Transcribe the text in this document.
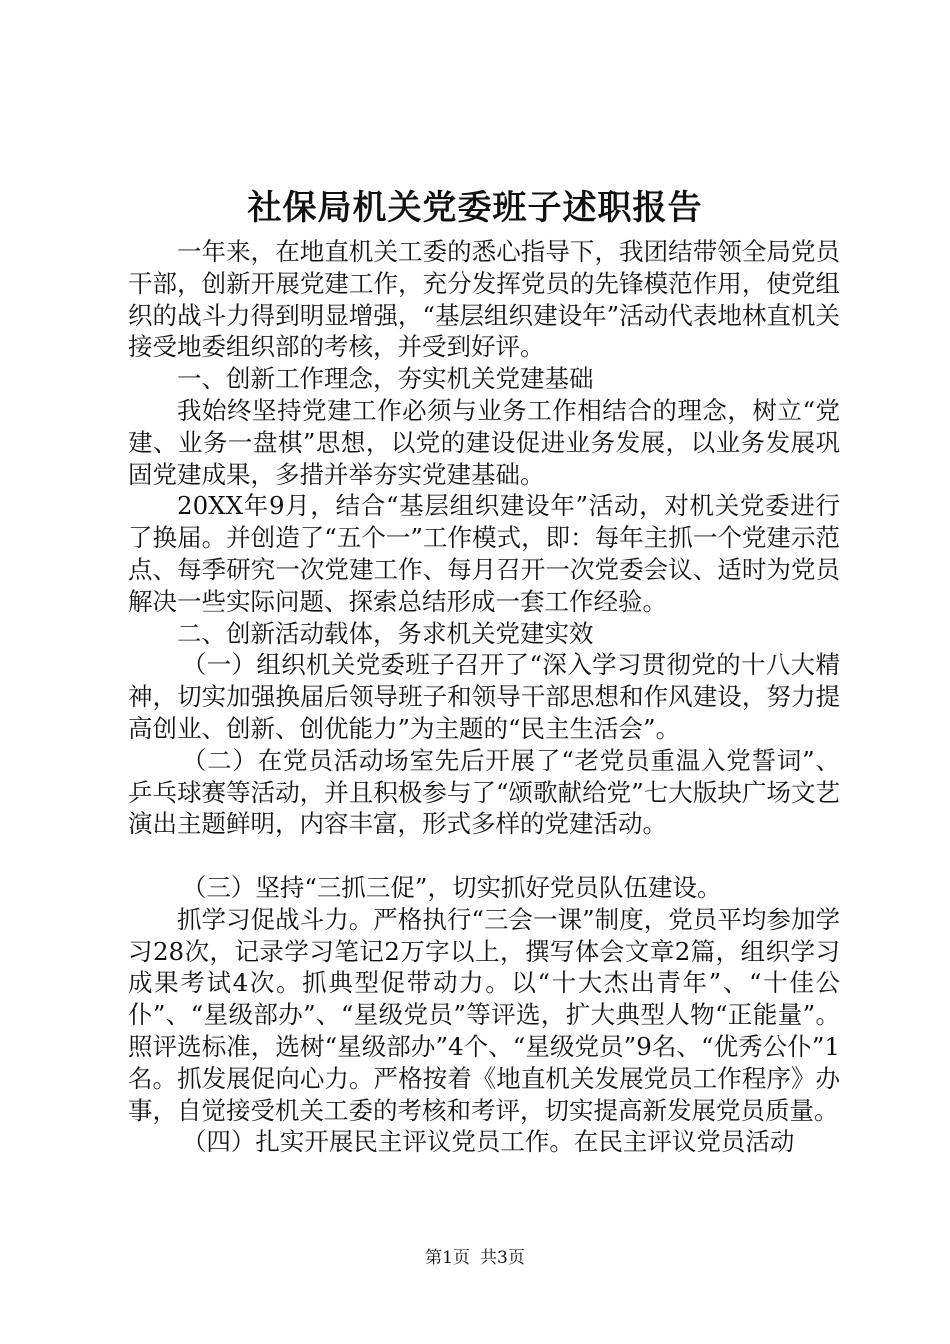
社保局机关党委班子述职报告

一年来，在地直机关工委的悉心指导下，我团结带领全局党员干部，创新开展党建工作，充分发挥党员的先锋模范作用，使党组织的战斗力得到明显增强，“基层组织建设年”活动代表地林直机关接受地委组织部的考核，并受到好评。

一、创新工作理念，夯实机关党建基础

我始终坚持党建工作必须与业务工作相结合的理念，树立“党建、业务一盘棋”思想，以党的建设促进业务发展，以业务发展巩固党建成果，多措并举夯实党建基础。

20XX年9月，结合“基层组织建设年”活动，对机关党委进行了换届。并创造了“五个一”工作模式，即：每年主抓一个党建示范点、每季研究一次党建工作、每月召开一次党委会议、适时为党员解决一些实际问题、探索总结形成一套工作经验。

二、创新活动载体，务求机关党建实效

（一）组织机关党委班子召开了“深入学习贯彻党的十八大精神，切实加强换届后领导班子和领导干部思想和作风建设，努力提高创业、创新、创优能力”为主题的“民主生活会”。

（二）在党员活动场室先后开展了“老党员重温入党誓词”、乒乓球赛等活动，并且积极参与了“颂歌献给党”七大版块广场文艺演出主题鲜明，内容丰富，形式多样的党建活动。

（三）坚持“三抓三促”，切实抓好党员队伍建设。

抓学习促战斗力。严格执行“三会一课”制度，党员平均参加学习28次，记录学习笔记2万字以上，撰写体会文章2篇，组织学习成果考试4次。抓典型促带动力。以“十大杰出青年”、“十佳公仆”、“星级部办”、“星级党员”等评选，扩大典型人物“正能量”。照评选标准，选树“星级部办”4个、“星级党员”9名、“优秀公仆”1名。抓发展促向心力。严格按着《地直机关发展党员工作程序》办事，自觉接受机关工委的考核和考评，切实提高新发展党员质量。

（四）扎实开展民主评议党员工作。在民主评议党员活动

第1页 共3页
